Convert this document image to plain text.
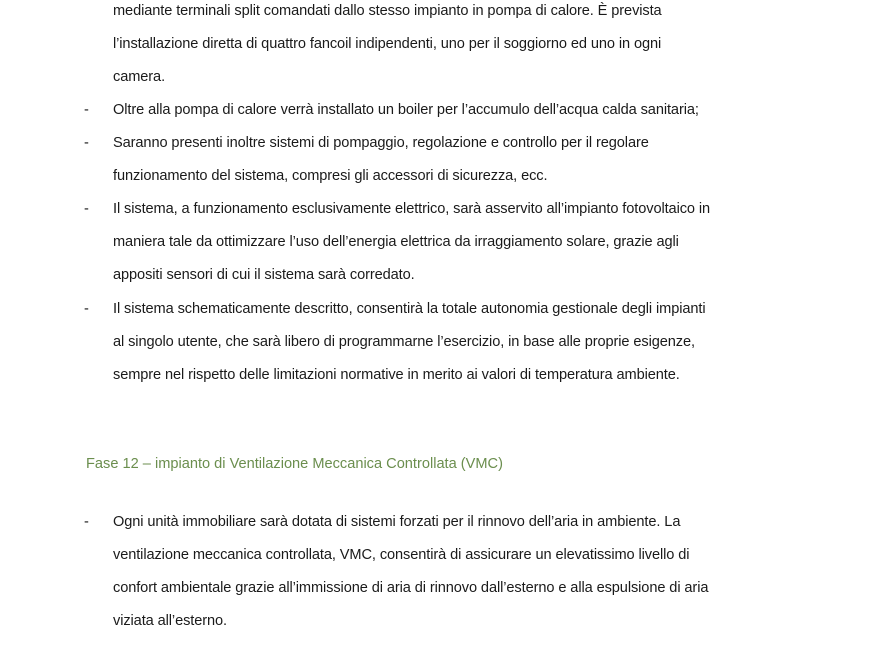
mediante terminali split comandati dallo stesso impianto in pompa di calore. È prevista
l’installazione diretta di quattro fancoil indipendenti, uno per il soggiorno ed uno in ogni
camera.
- Oltre alla pompa di calore verrà installato un boiler per l’accumulo dell’acqua calda sanitaria;
- Saranno presenti inoltre sistemi di pompaggio, regolazione e controllo per il regolare
funzionamento del sistema, compresi gli accessori di sicurezza, ecc.
- Il sistema, a funzionamento esclusivamente elettrico, sarà asservito all’impianto fotovoltaico in
maniera tale da ottimizzare l’uso dell’energia elettrica da irraggiamento solare, grazie agli
appositi sensori di cui il sistema sarà corredato.
- Il sistema schematicamente descritto, consentirà la totale autonomia gestionale degli impianti
al singolo utente, che sarà libero di programmarne l’esercizio, in base alle proprie esigenze,
sempre nel rispetto delle limitazioni normative in merito ai valori di temperatura ambiente.
Fase 12 – impianto di Ventilazione Meccanica Controllata (VMC)
- Ogni unità immobiliare sarà dotata di sistemi forzati per il rinnovo dell’aria in ambiente. La
ventilazione meccanica controllata, VMC, consentirà di assicurare un elevatissimo livello di
confort ambientale grazie all’immissione di aria di rinnovo dall’esterno e alla espulsione di aria
viziata all’esterno.
